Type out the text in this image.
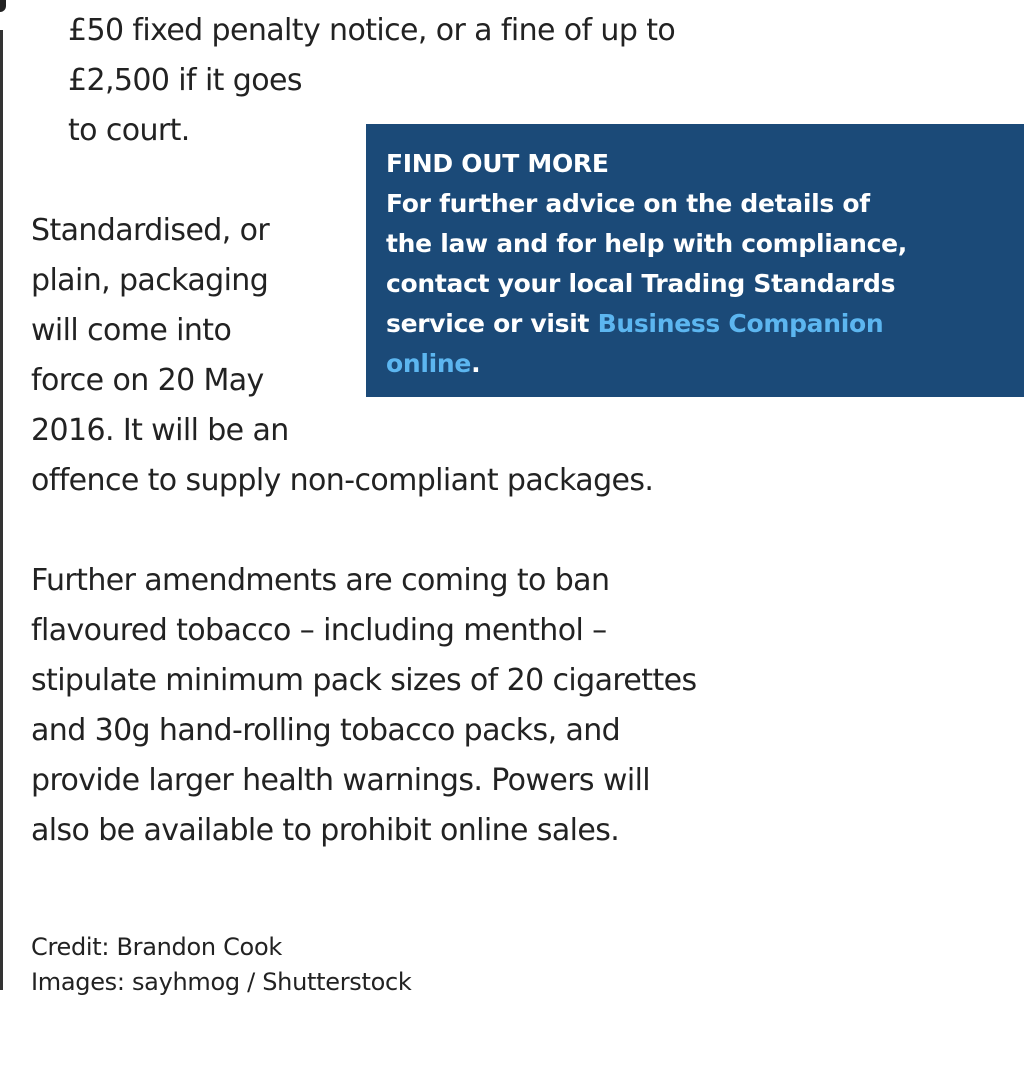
£50 fixed penalty notice, or a fine of up to

£2,500 if it goes

to court.

FIND OUT MORE

For further advice on the details of

the law and for help with compliance,

contact your local Trading Standards

service or visit Business Companion

online.

Standardised, or

plain, packaging

will come into

force on 20 May

2016. It will be an

offence to supply non-compliant packages.

Further amendments are coming to ban

flavoured tobacco – including menthol –

stipulate minimum pack sizes of 20 cigarettes

and 30g hand-rolling tobacco packs, and

provide larger health warnings. Powers will

also be available to prohibit online sales.

Credit: Brandon Cook

Images: sayhmog / Shutterstock
